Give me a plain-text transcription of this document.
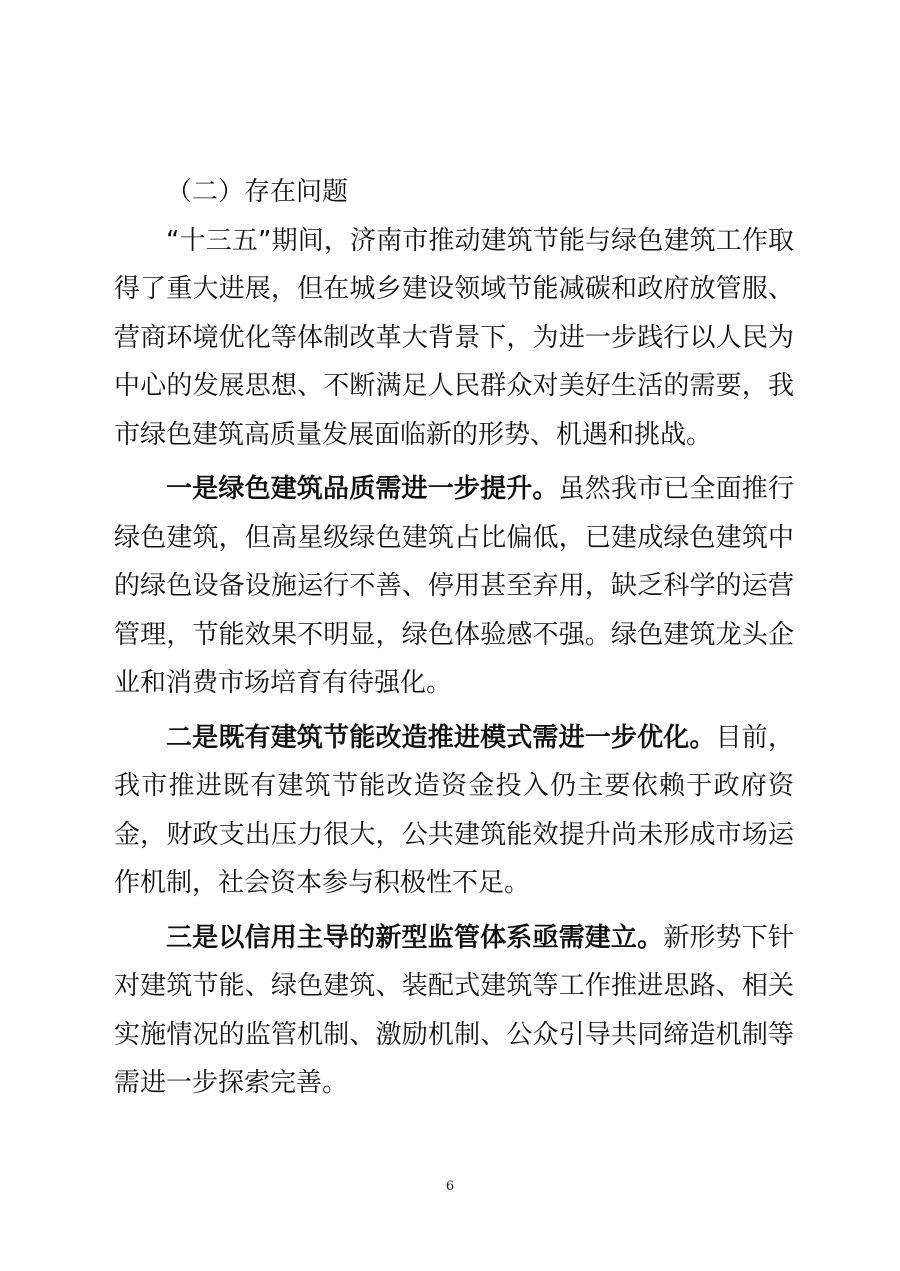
（二）存在问题

“十三五”期间，济南市推动建筑节能与绿色建筑工作取得了重大进展，但在城乡建设领域节能减碳和政府放管服、营商环境优化等体制改革大背景下，为进一步践行以人民为中心的发展思想、不断满足人民群众对美好生活的需要，我市绿色建筑高质量发展面临新的形势、机遇和挑战。

一是绿色建筑品质需进一步提升。虽然我市已全面推行绿色建筑，但高星级绿色建筑占比偏低，已建成绿色建筑中的绿色设备设施运行不善、停用甚至弃用，缺乏科学的运营管理，节能效果不明显，绿色体验感不强。绿色建筑龙头企业和消费市场培育有待强化。

二是既有建筑节能改造推进模式需进一步优化。目前，我市推进既有建筑节能改造资金投入仍主要依赖于政府资金，财政支出压力很大，公共建筑能效提升尚未形成市场运作机制，社会资本参与积极性不足。

三是以信用主导的新型监管体系亟需建立。新形势下针对建筑节能、绿色建筑、装配式建筑等工作推进思路、相关实施情况的监管机制、激励机制、公众引导共同缔造机制等需进一步探索完善。

6
